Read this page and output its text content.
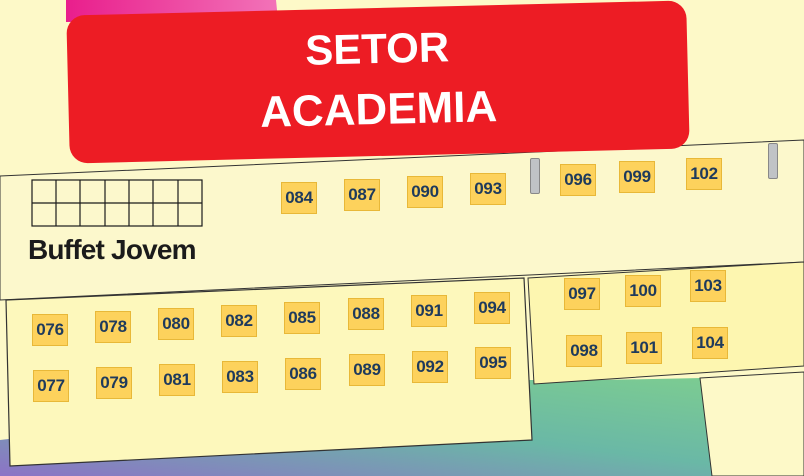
SETOR
ACADEMIA
Buffet Jovem
084 087 090 093	096 099 102
076 078 080 082 085 088 091 094
077 079 081 083 086 089 092 095
097 100 103
098 101 104
